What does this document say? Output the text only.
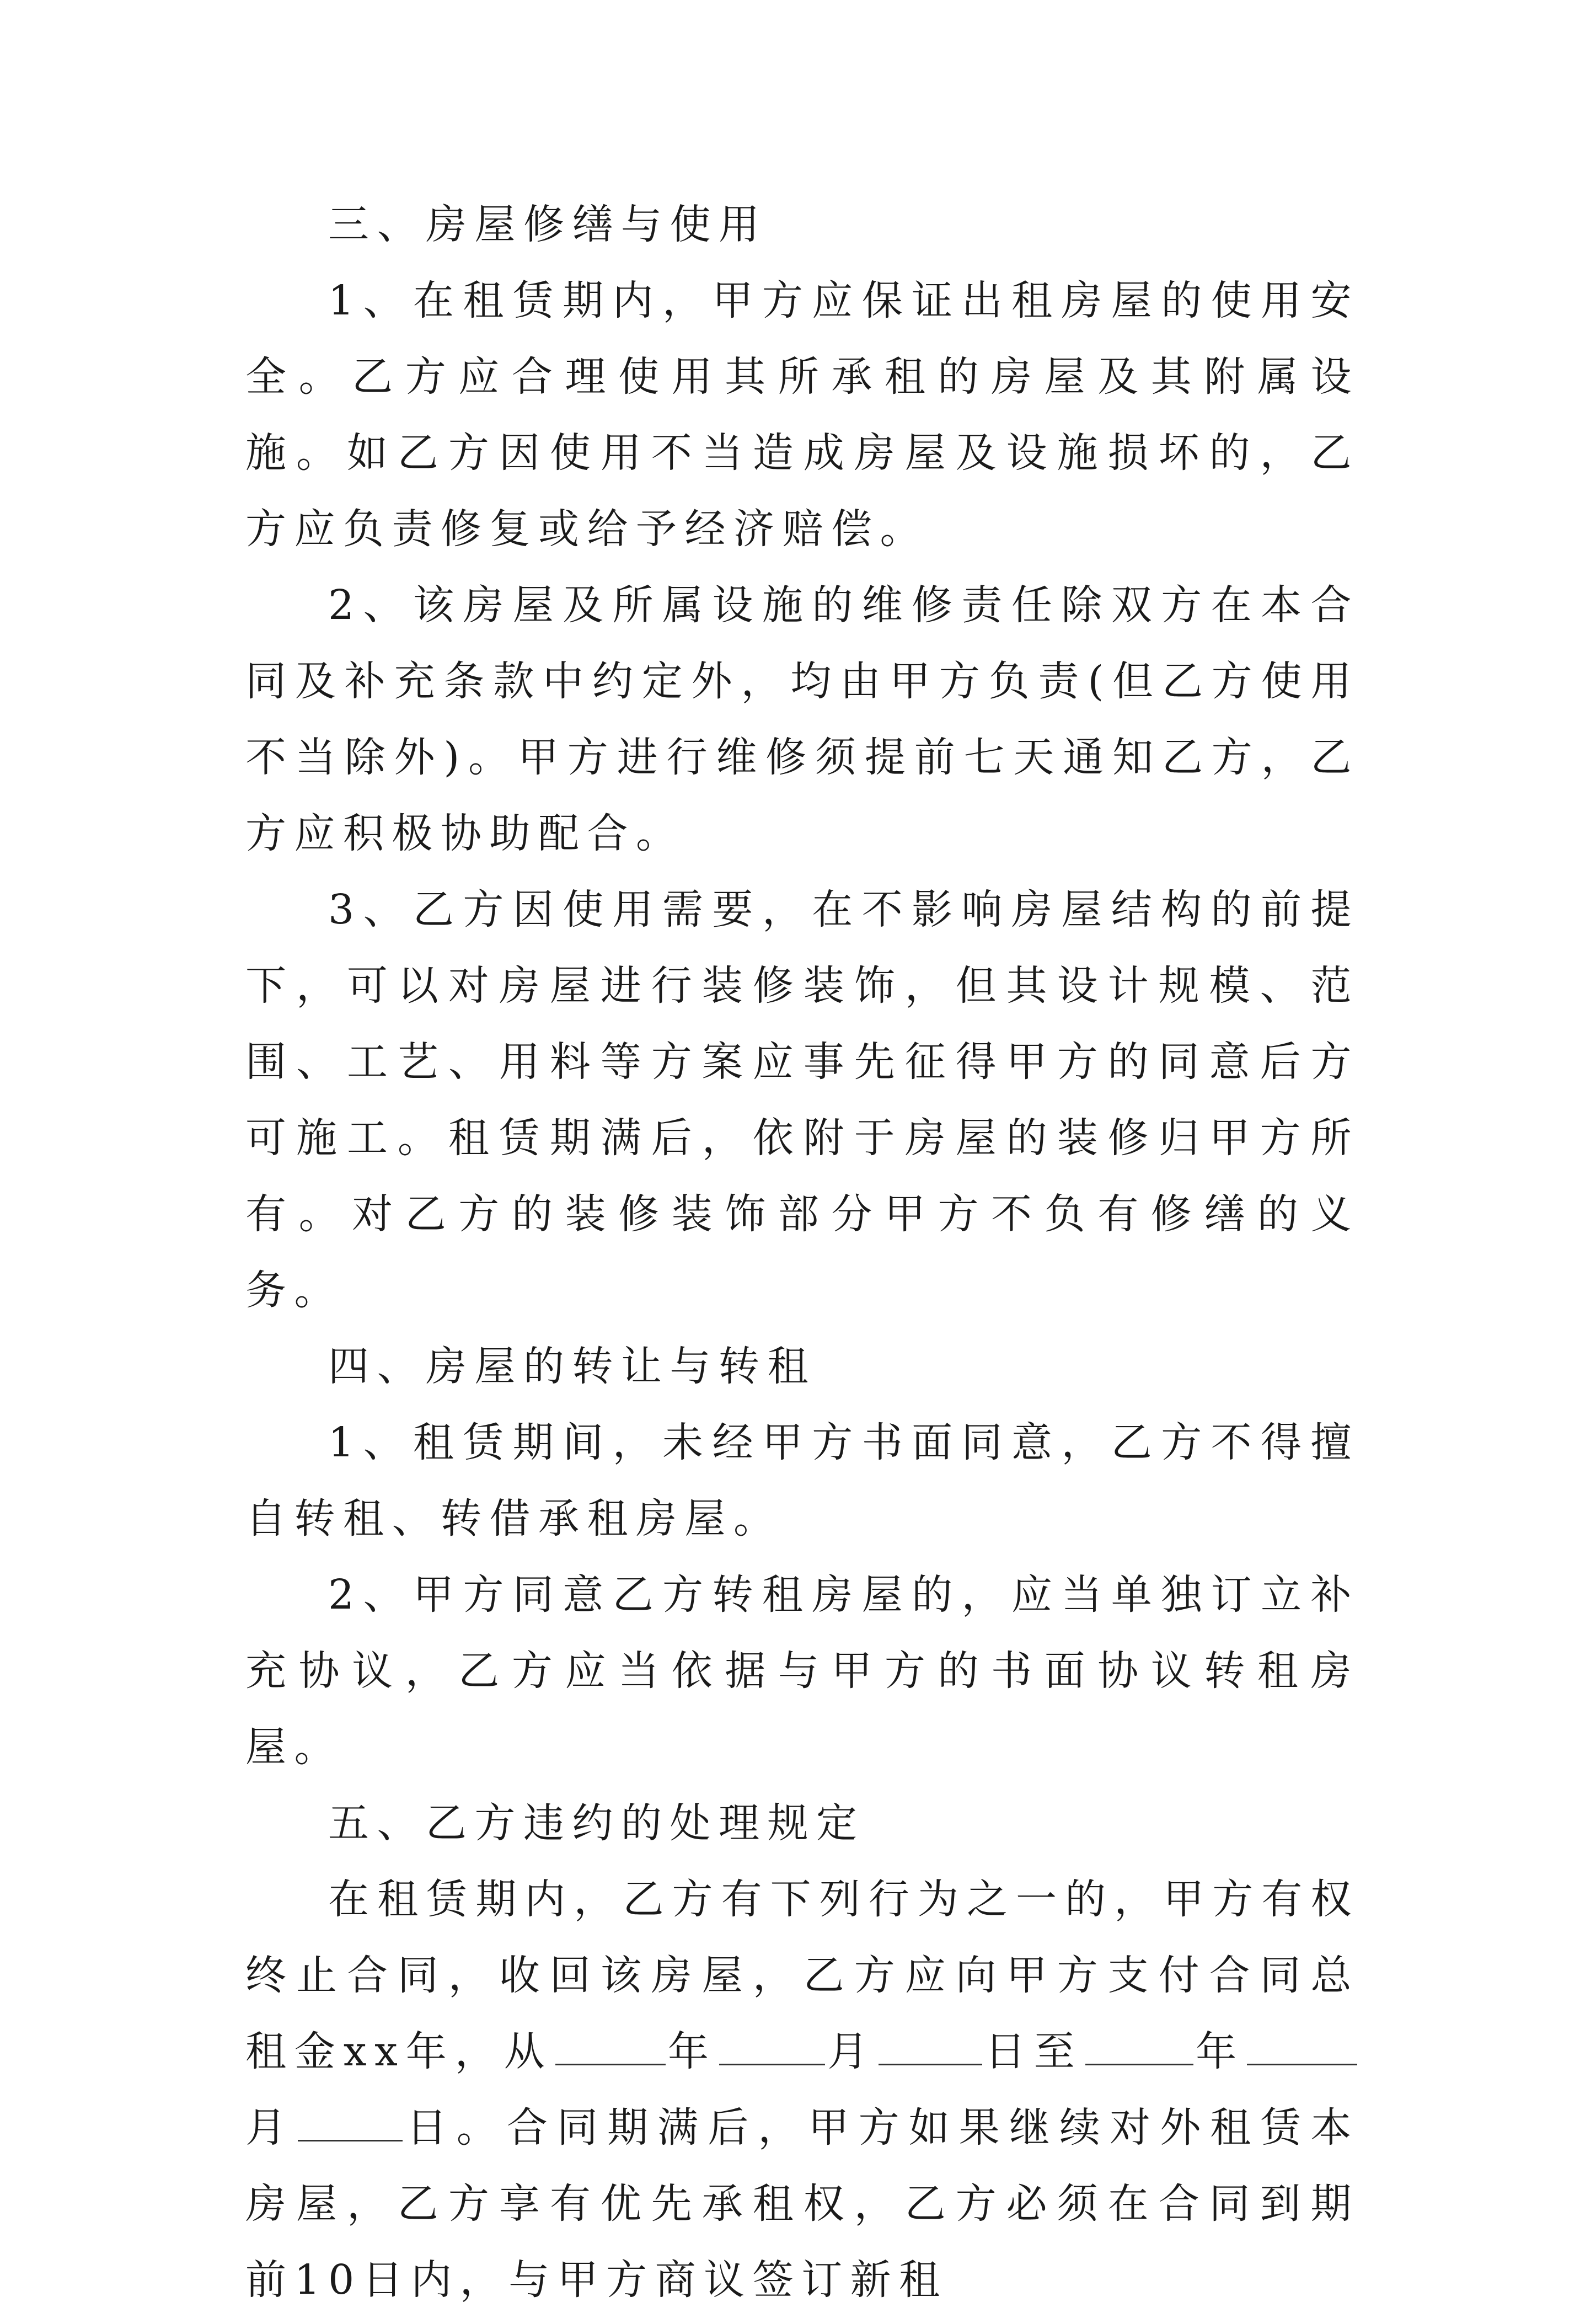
三、房屋修缮与使用

1、在租赁期内，甲方应保证出租房屋的使用安全。乙方应合理使用其所承租的房屋及其附属设施。如乙方因使用不当造成房屋及设施损坏的，乙方应负责修复或给予经济赔偿。

2、该房屋及所属设施的维修责任除双方在本合同及补充条款中约定外，均由甲方负责(但乙方使用不当除外)。甲方进行维修须提前七天通知乙方，乙方应积极协助配合。

3、乙方因使用需要，在不影响房屋结构的前提下，可以对房屋进行装修装饰，但其设计规模、范围、工艺、用料等方案应事先征得甲方的同意后方可施工。租赁期满后，依附于房屋的装修归甲方所有。对乙方的装修装饰部分甲方不负有修缮的义务。

四、房屋的转让与转租

1、租赁期间，未经甲方书面同意，乙方不得擅自转租、转借承租房屋。

2、甲方同意乙方转租房屋的，应当单独订立补充协议，乙方应当依据与甲方的书面协议转租房屋。

五、乙方违约的处理规定

在租赁期内，乙方有下列行为之一的，甲方有权终止合同，收回该房屋，乙方应向甲方支付合同总租金xx年，从	年	月	日至	年月	日。合同期满后，甲方如果继续对外租赁本房屋，乙方享有优先承租权，乙方必须在合同到期前10日内，与甲方商议签订新租
